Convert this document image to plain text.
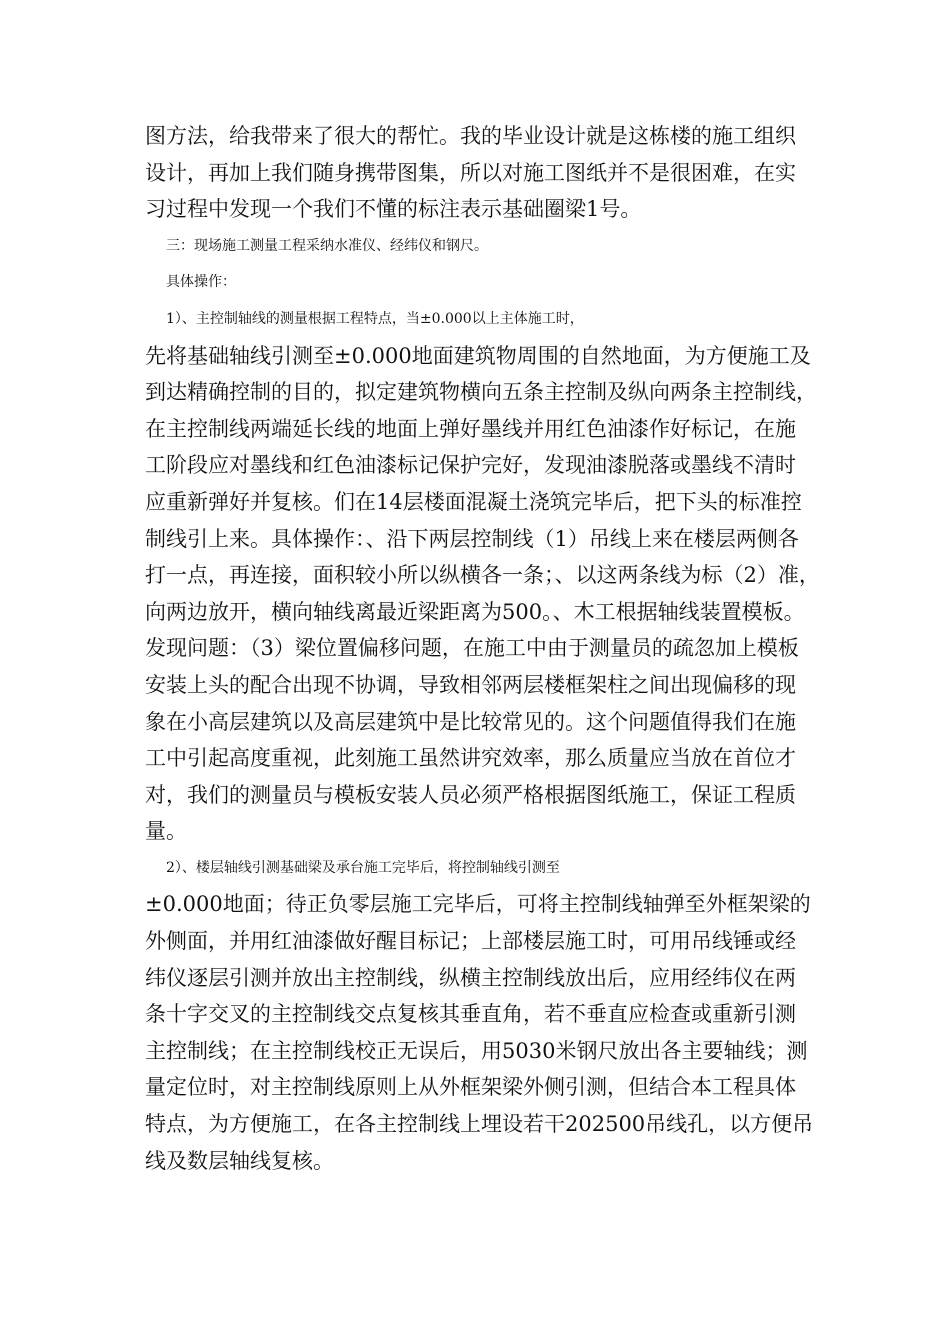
图方法，给我带来了很大的帮忙。我的毕业设计就是这栋楼的施工组织
设计，再加上我们随身携带图集，所以对施工图纸并不是很困难，在实
习过程中发现一个我们不懂的标注表示基础圈梁1号。
三：现场施工测量工程采纳水准仪、经纬仪和钢尺。
具体操作：
1）、主控制轴线的测量根据工程特点，当±0.000以上主体施工时，
先将基础轴线引测至±0.000地面建筑物周围的自然地面，为方便施工及
到达精确控制的目的，拟定建筑物横向五条主控制及纵向两条主控制线，
在主控制线两端延长线的地面上弹好墨线并用红色油漆作好标记，在施
工阶段应对墨线和红色油漆标记保护完好，发现油漆脱落或墨线不清时
应重新弹好并复核。们在14层楼面混凝土浇筑完毕后，把下头的标准控
制线引上来。具体操作：、沿下两层控制线（1）吊线上来在楼层两侧各
打一点，再连接，面积较小所以纵横各一条；、以这两条线为标（2）准，
向两边放开，横向轴线离最近梁距离为500。、木工根据轴线装置模板。
发现问题：（3）梁位置偏移问题，在施工中由于测量员的疏忽加上模板
安装上头的配合出现不协调，导致相邻两层楼框架柱之间出现偏移的现
象在小高层建筑以及高层建筑中是比较常见的。这个问题值得我们在施
工中引起高度重视，此刻施工虽然讲究效率，那么质量应当放在首位才
对，我们的测量员与模板安装人员必须严格根据图纸施工，保证工程质
量。
2）、楼层轴线引测基础梁及承台施工完毕后，将控制轴线引测至
±0.000地面；待正负零层施工完毕后，可将主控制线轴弹至外框架梁的
外侧面，并用红油漆做好醒目标记；上部楼层施工时，可用吊线锤或经
纬仪逐层引测并放出主控制线，纵横主控制线放出后，应用经纬仪在两
条十字交叉的主控制线交点复核其垂直角，若不垂直应检查或重新引测
主控制线；在主控制线校正无误后，用5030米钢尺放出各主要轴线；测
量定位时，对主控制线原则上从外框架梁外侧引测，但结合本工程具体
特点，为方便施工，在各主控制线上埋设若干202500吊线孔，以方便吊
线及数层轴线复核。
